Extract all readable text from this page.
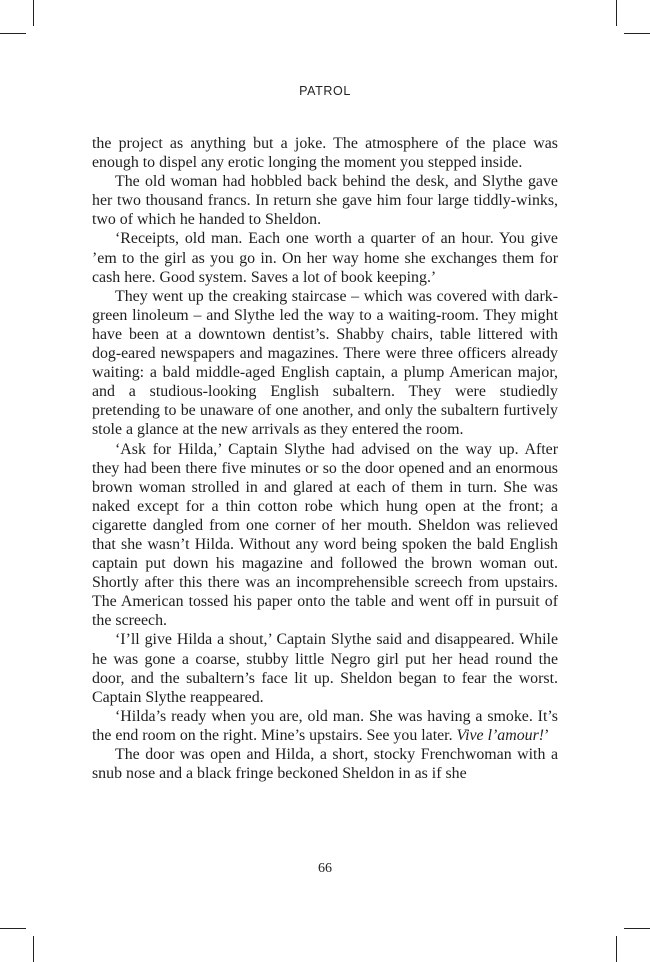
PATROL

the project as anything but a joke. The atmosphere of the place was enough to dispel any erotic longing the moment you stepped inside.

The old woman had hobbled back behind the desk, and Slythe gave her two thousand francs. In return she gave him four large tiddly-winks, two of which he handed to Sheldon.

‘Receipts, old man. Each one worth a quarter of an hour. You give ’em to the girl as you go in. On her way home she exchanges them for cash here. Good system. Saves a lot of book keeping.’

They went up the creaking staircase – which was covered with dark-green linoleum – and Slythe led the way to a waiting-room. They might have been at a downtown dentist’s. Shabby chairs, table littered with dog-eared newspapers and magazines. There were three officers already waiting: a bald middle-aged English captain, a plump American major, and a studious-looking English subaltern. They were studiedly pretending to be unaware of one another, and only the subaltern furtively stole a glance at the new arrivals as they entered the room.

‘Ask for Hilda,’ Captain Slythe had advised on the way up. After they had been there five minutes or so the door opened and an enormous brown woman strolled in and glared at each of them in turn. She was naked except for a thin cotton robe which hung open at the front; a cigarette dangled from one corner of her mouth. Sheldon was relieved that she wasn’t Hilda. Without any word being spoken the bald English captain put down his magazine and followed the brown woman out. Shortly after this there was an incomprehensible screech from upstairs. The American tossed his paper onto the table and went off in pursuit of the screech.

‘I’ll give Hilda a shout,’ Captain Slythe said and disappeared. While he was gone a coarse, stubby little Negro girl put her head round the door, and the subaltern’s face lit up. Sheldon began to fear the worst. Captain Slythe reappeared.

‘Hilda’s ready when you are, old man. She was having a smoke. It’s the end room on the right. Mine’s upstairs. See you later. Vive l’amour!’

The door was open and Hilda, a short, stocky Frenchwoman with a snub nose and a black fringe beckoned Sheldon in as if she

66
